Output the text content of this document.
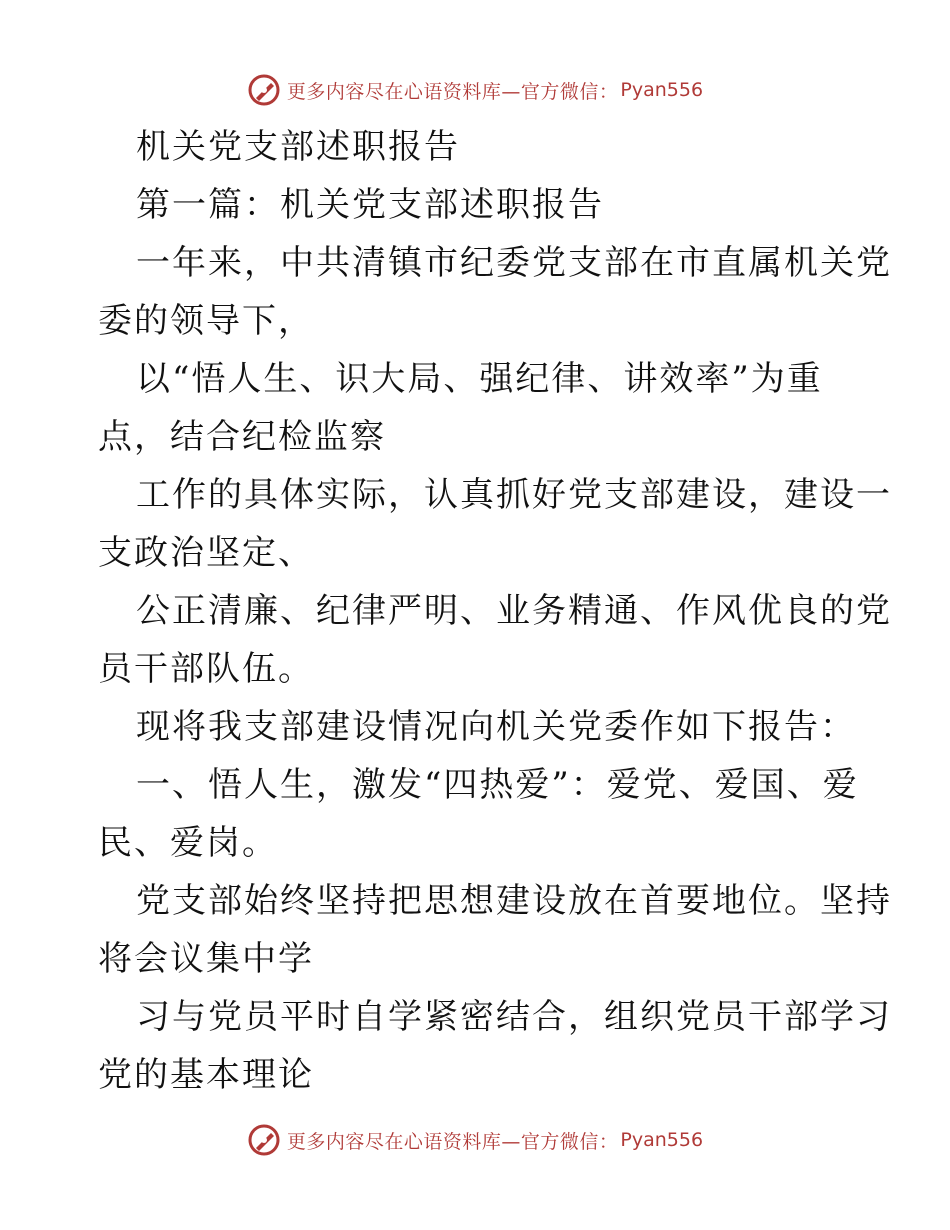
更多内容尽在心语资料库—官方微信： Pyan556
机关党支部述职报告
第一篇：机关党支部述职报告
一年来，中共清镇市纪委党支部在市直属机关党
委的领导下，
以“悟人生、识大局、强纪律、讲效率”为重
点，结合纪检监察
工作的具体实际，认真抓好党支部建设，建设一
支政治坚定、
公正清廉、纪律严明、业务精通、作风优良的党
员干部队伍。
现将我支部建设情况向机关党委作如下报告：
一、悟人生，激发“四热爱”：爱党、爱国、爱
民、爱岗。
党支部始终坚持把思想建设放在首要地位。坚持
将会议集中学
习与党员平时自学紧密结合，组织党员干部学习
党的基本理论
更多内容尽在心语资料库—官方微信： Pyan556
